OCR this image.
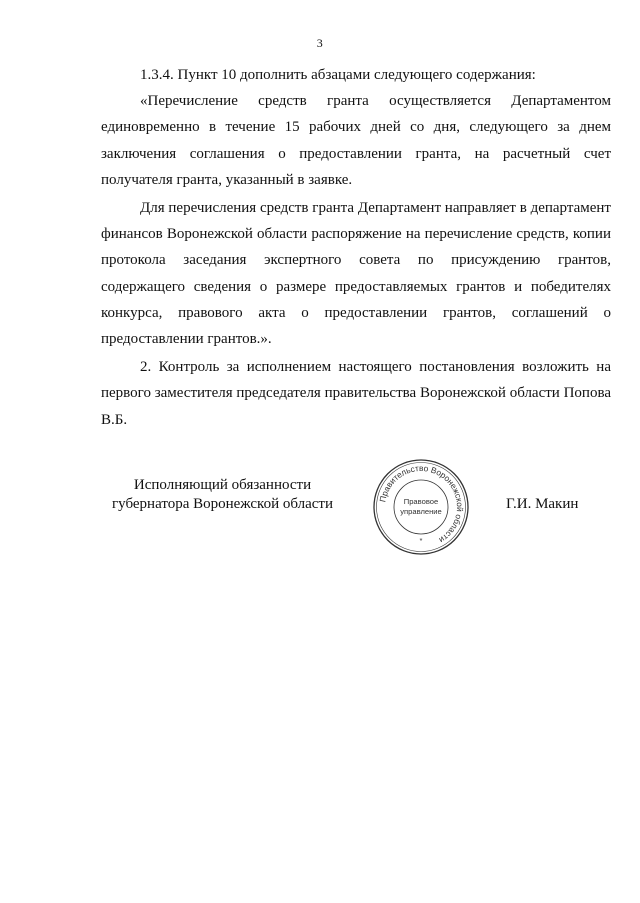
3

1.3.4. Пункт 10 дополнить абзацами следующего содержания:

«Перечисление средств гранта осуществляется Департаментом единовременно в течение 15 рабочих дней со дня, следующего за днем заключения соглашения о предоставлении гранта, на расчетный счет получателя гранта, указанный в заявке.

Для перечисления средств гранта Департамент направляет в департамент финансов Воронежской области распоряжение на перечисление средств, копии протокола заседания экспертного совета по присуждению грантов, содержащего сведения о размере предоставляемых грантов и победителях конкурса, правового акта о предоставлении грантов, соглашений о предоставлении грантов.».

2. Контроль за исполнением настоящего постановления возложить на первого заместителя председателя правительства Воронежской области Попова В.Б.

Исполняющий обязанности
губернатора Воронежской области	Правительство Воронежской области
Правовое
управление
*
Г.И. Макин
